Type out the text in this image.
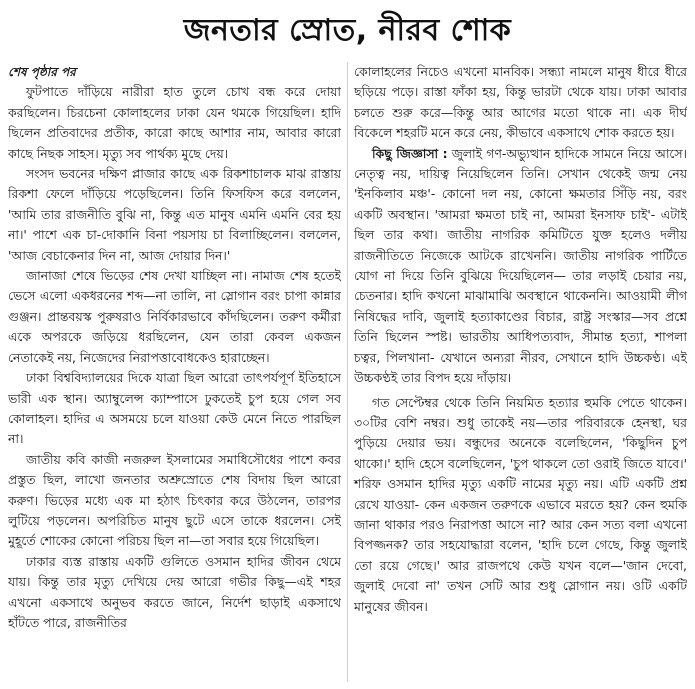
জনতার স্রোত, নীরব শোক
শেষ পৃষ্ঠার পর

ফুটপাতে দাঁড়িয়ে নারীরা হাত তুলে চোখ বন্ধ করে দোয়া করছিলেন। চিরচেনা কোলাহলের ঢাকা যেন থমকে গিয়েছিল। হাদি ছিলেন প্রতিবাদের প্রতীক, কারো কাছে আশার নাম, আবার কারো কাছে নিছক সাহস। মৃত্যু সব পার্থক্য মুছে দেয়।

সংসদ ভবনের দক্ষিণ প্লাজার কাছে এক রিকশাচালক মাঝ রাস্তায় রিকশা ফেলে দাঁড়িয়ে পড়েছিলেন। তিনি ফিসফিস করে বললেন, 'আমি তার রাজনীতি বুঝি না, কিন্তু এত মানুষ এমনি এমনি বের হয় না।' পাশে এক চা-দোকানি বিনা পয়সায় চা বিলাচ্ছিলেন। বললেন, 'আজ বেচাকেনার দিন না, আজ দোয়ার দিন।'

জানাজা শেষে ভিড়ের শেষ দেখা যাচ্ছিল না। নামাজ শেষ হতেই ভেসে এলো একধরনের শব্দ—না তালি, না স্লোগান বরং চাপা কান্নার গুঞ্জন। প্রান্তবয়স্ক পুরুষরাও নির্বিকারভাবে কাঁদছিলেন। তরুণ কর্মীরা একে অপরকে জড়িয়ে ধরছিলেন, যেন তারা কেবল একজন নেতাকেই নয়, নিজেদের নিরাপত্তাবোধকেও হারাচ্ছেন।

ঢাকা বিশ্ববিদ্যালয়ের দিকে যাত্রা ছিল আরো তাৎপর্যপূর্ণ ইতিহাসে ভারী এক স্থান। অ্যাম্বুলেন্স ক্যাম্পাসে ঢুকতেই চুপ হয়ে গেল সব কোলাহল। হাদির এ অসময়ে চলে যাওয়া কেউ মেনে নিতে পারছিল না।

জাতীয় কবি কাজী নজরুল ইসলামের সমাধিসৌধের পাশে কবর প্রস্তুত ছিল, লাখো জনতার অশ্রুস্রোতে শেষ বিদায় ছিল আরো করুণ। ভিড়ের মধ্যে এক মা হঠাৎ চিৎকার করে উঠলেন, তারপর লুটিয়ে পড়লেন। অপরিচিত মানুষ ছুটে এসে তাকে ধরলেন। সেই মুহূর্তে শোকের কোনো পরিচয় ছিল না—তা সবার হয়ে গিয়েছিল।

ঢাকার ব্যস্ত রাস্তায় একটি গুলিতে ওসমান হাদির জীবন থেমে যায়। কিন্তু তার মৃত্যু দেখিয়ে দেয় আরো গভীর কিছু—এই শহর এখনো একসাথে অনুভব করতে জানে, নির্দেশ ছাড়াই একসাথে হাঁটতে পারে, রাজনীতির

কোলাহলের নিচেও এখনো মানবিক। সন্ধ্যা নামলে মানুষ ধীরে ধীরে ছড়িয়ে পড়ে। রাস্তা ফাঁকা হয়, কিন্তু ভারটা থেকে যায়। ঢাকা আবার চলতে শুরু করে—কিন্তু আর আগের মতো থাকে না। এক দীর্ঘ বিকেলে শহরটি মনে করে নেয়, কীভাবে একসাথে শোক করতে হয়।

কিছু জিজ্ঞাসা : জুলাই গণ-অভ্যুত্থান হাদিকে সামনে নিয়ে আসে। নেতৃত্ব নয়, দায়িত্ব নিয়েছিলেন তিনি। সেখান থেকেই জন্ম নেয় 'ইনকিলাব মঞ্চ'- কোনো দল নয়, কোনো ক্ষমতার সিঁড়ি নয়, বরং একটি অবস্থান। 'আমরা ক্ষমতা চাই না, আমরা ইনসাফ চাই'- এটাই ছিল তার কথা। জাতীয় নাগরিক কমিটিতে যুক্ত হলেও দলীয় রাজনীতিতে নিজেকে আটকে রাখেননি। জাতীয় নাগরিক পার্টিতে যোগ না দিয়ে তিনি বুঝিয়ে দিয়েছিলেন— তার লড়াই চেয়ার নয়, চেতনার। হাদি কখনো মাঝামাঝি অবস্থানে থাকেননি। আওয়ামী লীগ নিষিদ্ধের দাবি, জুলাই হত্যাকাণ্ডের বিচার, রাষ্ট্র সংস্কার—সব প্রশ্নে তিনি ছিলেন স্পষ্ট। ভারতীয় আধিপত্যবাদ, সীমান্ত হত্যা, শাপলা চত্বর, পিলখানা- যেখানে অন্যরা নীরব, সেখানে হাদি উচ্চকণ্ঠ। এই উচ্চকণ্ঠই তার বিপদ হয়ে দাঁড়ায়।

গত সেপ্টেম্বর থেকে তিনি নিয়মিত হত্যার হুমকি পেতে থাকেন। ৩০টির বেশি নম্বর। শুধু তাকেই নয়—তার পরিবারকে হেনস্থা, ঘর পুড়িয়ে দেয়ার ভয়। বন্ধুদের অনেকে বলেছিলেন, 'কিছুদিন চুপ থাকো।' হাদি হেসে বলেছিলেন, 'চুপ থাকলে তো ওরাই জিতে যাবে।' শরিফ ওসমান হাদির মৃত্যু একটি নামের মৃত্যু নয়। এটি একটি প্রশ্ন রেখে যাওয়া- কেন একজন তরুণকে এভাবে মরতে হয়? কেন হুমকি জানা থাকার পরও নিরাপত্তা আসে না? আর কেন সত্য বলা এখনো বিপজ্জনক? তার সহযোদ্ধারা বলেন, 'হাদি চলে গেছে, কিন্তু জুলাই তো রয়ে গেছে।' আর রাজপথে কেউ যখন বলে—'জান দেবো, জুলাই দেবো না' তখন সেটি আর শুধু স্লোগান নয়। ওটি একটি মানুষের জীবন।
